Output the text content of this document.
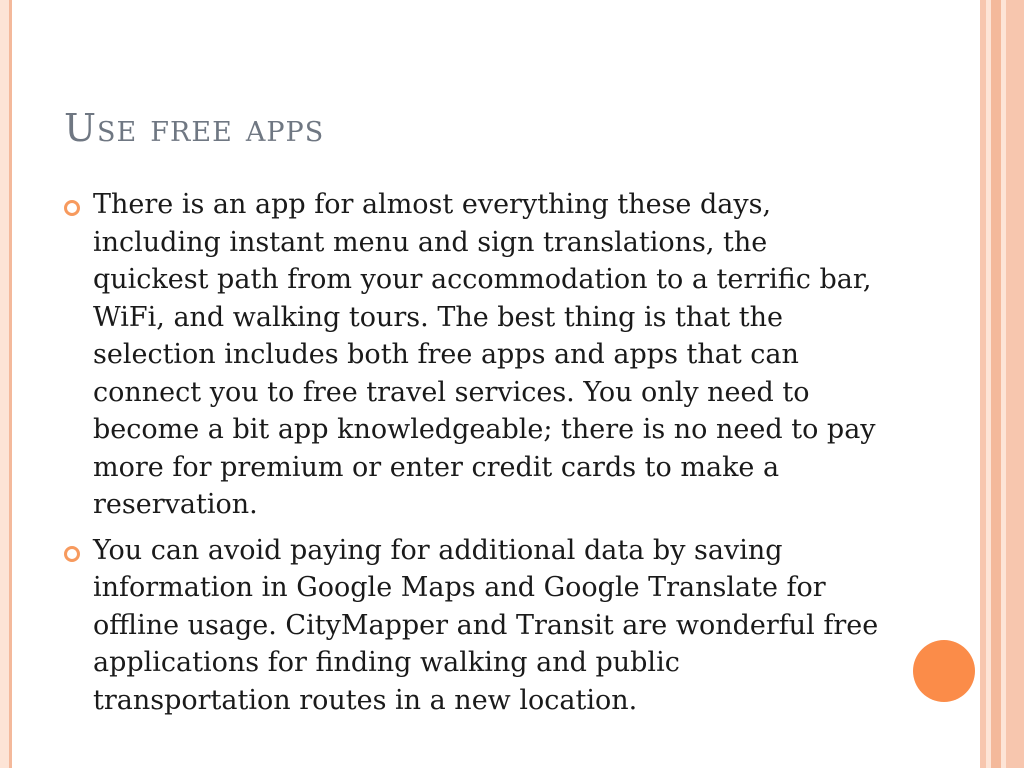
Use free apps
There is an app for almost everything these days, including instant menu and sign translations, the quickest path from your accommodation to a terrific bar, WiFi, and walking tours. The best thing is that the selection includes both free apps and apps that can connect you to free travel services. You only need to become a bit app knowledgeable; there is no need to pay more for premium or enter credit cards to make a reservation.
You can avoid paying for additional data by saving information in Google Maps and Google Translate for offline usage. CityMapper and Transit are wonderful free applications for finding walking and public transportation routes in a new location.
